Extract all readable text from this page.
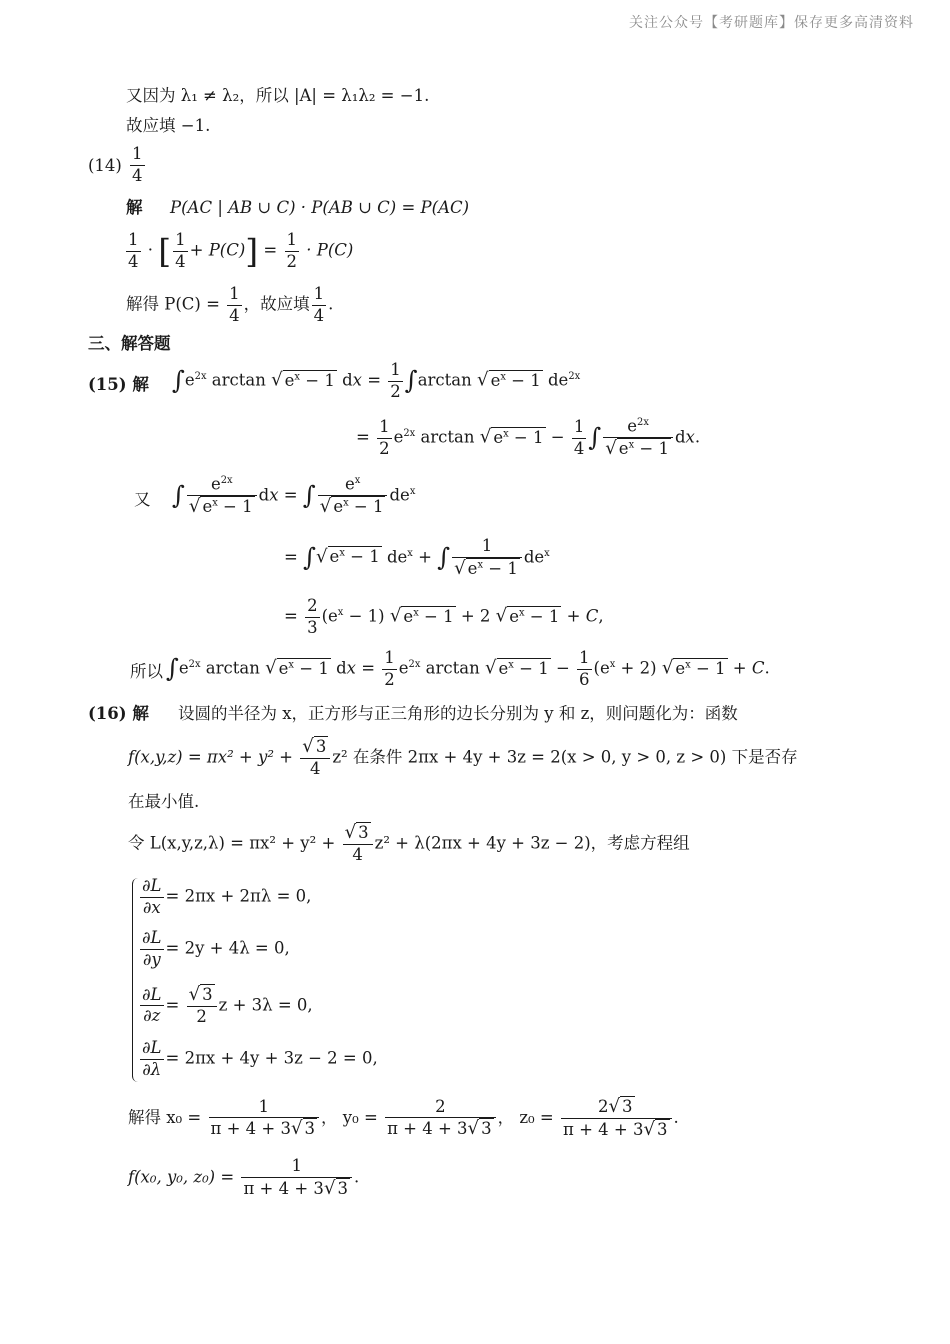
关注公众号【考研题库】保存更多高清资料
又因为 λ₁ ≠ λ₂，所以 |A| = λ₁λ₂ = −1.
故应填 −1.
$(14) \frac{1}{4}$
解 P(AC | AB ∪ C) · P(AB ∪ C) = P(AC)
$\frac{1}{4}$ · [ $\frac{1}{4} + P(C)] = \frac{1}{2} \cdot P(C)$
解得 $P(C) = \frac{1}{4}$ ，故应填 $\frac{1}{4}$ .
三、解答题
(15) 解 $\int e^{2x}$ arctan √ $e^x - 1$ dx = $\frac{1}{2} \int\arctan$ √ $e^x - 1$ $de^{2x}$
= $\frac{1}{2} e^{2x}$ arctan √ $e^x - 1 - \frac{1}{4}$ ∫ $\frac{e^{2x}}{√ e^x - 1}$ dx.
又 ∫ $\frac{e^{2x}}{√ e^x - 1}$ dx = ∫ $\frac{e^x}{√ e^x - 1} de^x$
= ∫√ $e^x - 1$ $de^x$ + ∫ $\frac{1}{√ e^x - 1} de^x$
= $\frac{2}{3} (e^x - 1)$ √ $e^x - 1 + 2$ √ $e^x - 1 + C$,
所以 $\int e^{2x}$ arctan √ $e^x - 1$ dx = $\frac{1}{2} e^{2x}$ arctan √ $e^x - 1 - \frac{1}{6} (e^x + 2)$ √ $e^x - 1 + C$.
(16) 解 设圆的半径为 x，正方形与正三角形的边长分别为 y 和 z，则问题化为：函数
$f(x,y,z) = \pi x^2 + y^2 + \frac{√ 3}{4} z^2$ 在条件 2πx + 4y + 3z = 2(x > 0, y > 0, z > 0) 下是否存
在最小值.
令 $L(x,y,z,\lambda) = \pi x^2 + y^2 + \frac{√ 3}{4} z^2 + \lambda(2\pi x + 4y + 3z - 2)$，考虑方程组
$\frac{\partial L}{\partial x} = 2\pi x + 2\pi\lambda = 0$,
$\frac{\partial L}{\partial y} = 2y + 4\lambda = 0$,
$\frac{\partial L}{\partial z} = \frac{√ 3}{2}$ z + 3λ = 0,
$\frac{\partial L}{\partial\lambda} = 2\pi x + 4y + 3z - 2 = 0$,
解得 $x_0 = \frac{1}{\pi + 4 + 3√ 3}$ ， $y_0 = \frac{2}{\pi + 4 + 3√ 3}$ ， $z_0 = \frac{2√ 3}{\pi + 4 + 3√ 3}$ .
f(x₀, y₀, $z_0) = \frac{1}{\pi + 4 + 3√ 3}$ .
